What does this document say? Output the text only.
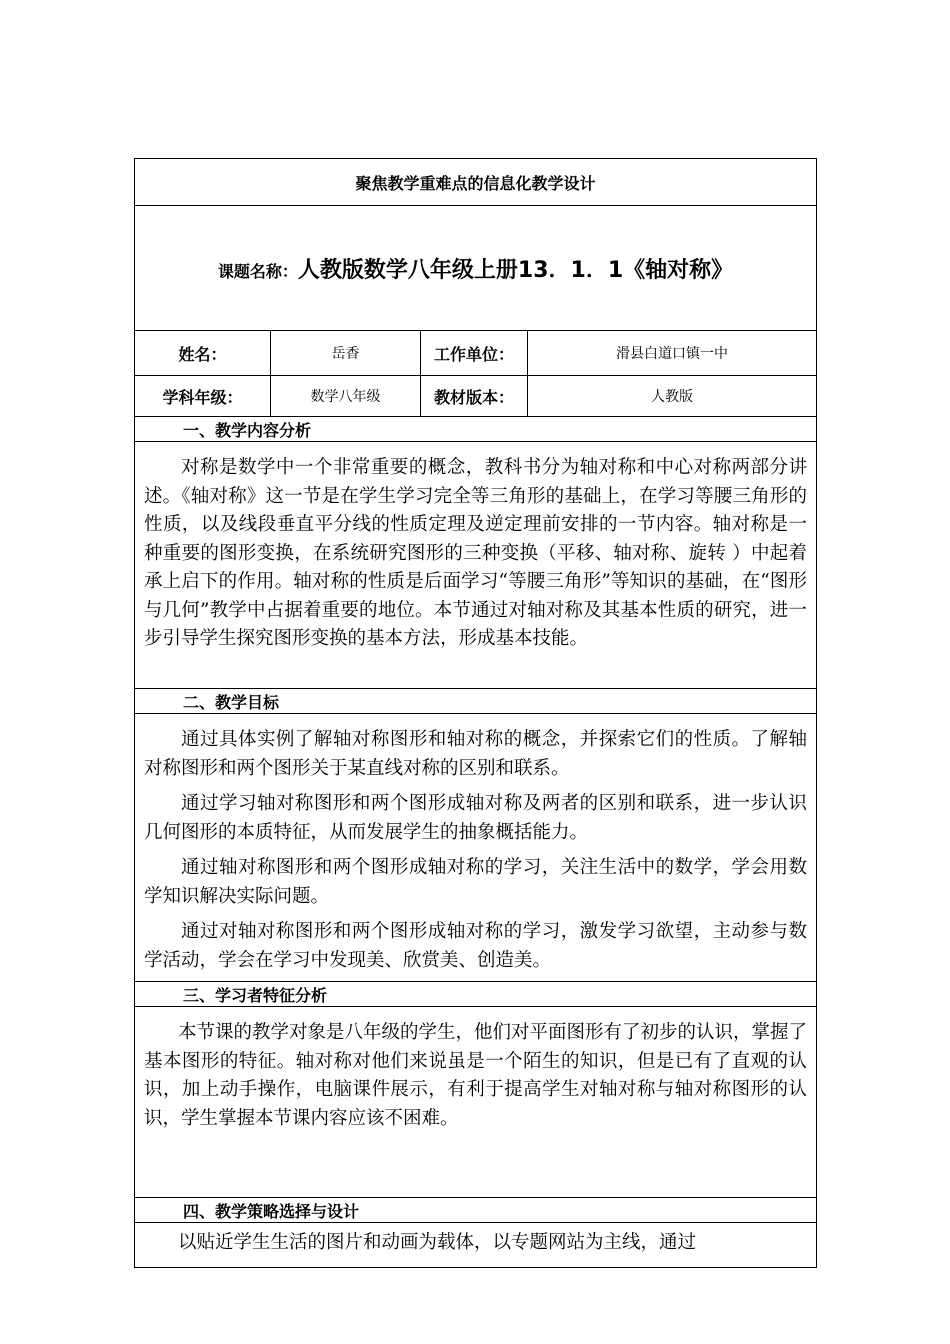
聚焦教学重难点的信息化教学设计			
课题名称：人教版数学八年级上册13．1．1《轴对称》			
姓名：	岳香	工作单位：	滑县白道口镇一中
学科年级：	数学八年级	教材版本：	人教版
一、教学内容分析			

对称是数学中一个非常重要的概念，教科书分为轴对称和中心对称两部分讲述。《轴对称》这一节是在学生学习完全等三角形的基础上，在学习等腰三角形的性质，以及线段垂直平分线的性质定理及逆定理前安排的一节内容。轴对称是一种重要的图形变换，在系统研究图形的三种变换（平移、轴对称、旋转 ）中起着承上启下的作用。轴对称的性质是后面学习“等腰三角形”等知识的基础，在“图形与几何”教学中占据着重要的地位。本节通过对轴对称及其基本性质的研究，进一步引导学生探究图形变换的基本方法，形成基本技能。			

二、教学目标			

通过具体实例了解轴对称图形和轴对称的概念，并探索它们的性质。了解轴对称图形和两个图形关于某直线对称的区别和联系。

通过学习轴对称图形和两个图形成轴对称及两者的区别和联系，进一步认识几何图形的本质特征，从而发展学生的抽象概括能力。

通过轴对称图形和两个图形成轴对称的学习，关注生活中的数学，学会用数学知识解决实际问题。

通过对轴对称图形和两个图形成轴对称的学习，激发学习欲望，主动参与数学活动，学会在学习中发现美、欣赏美、创造美。			

三、学习者特征分析			

本节课的教学对象是八年级的学生，他们对平面图形有了初步的认识，掌握了基本图形的特征。轴对称对他们来说虽是一个陌生的知识，但是已有了直观的认识，加上动手操作，电脑课件展示，有利于提高学生对轴对称与轴对称图形的认识，学生掌握本节课内容应该不困难。			

四、教学策略选择与设计			

以贴近学生生活的图片和动画为载体，以专题网站为主线，通过			
